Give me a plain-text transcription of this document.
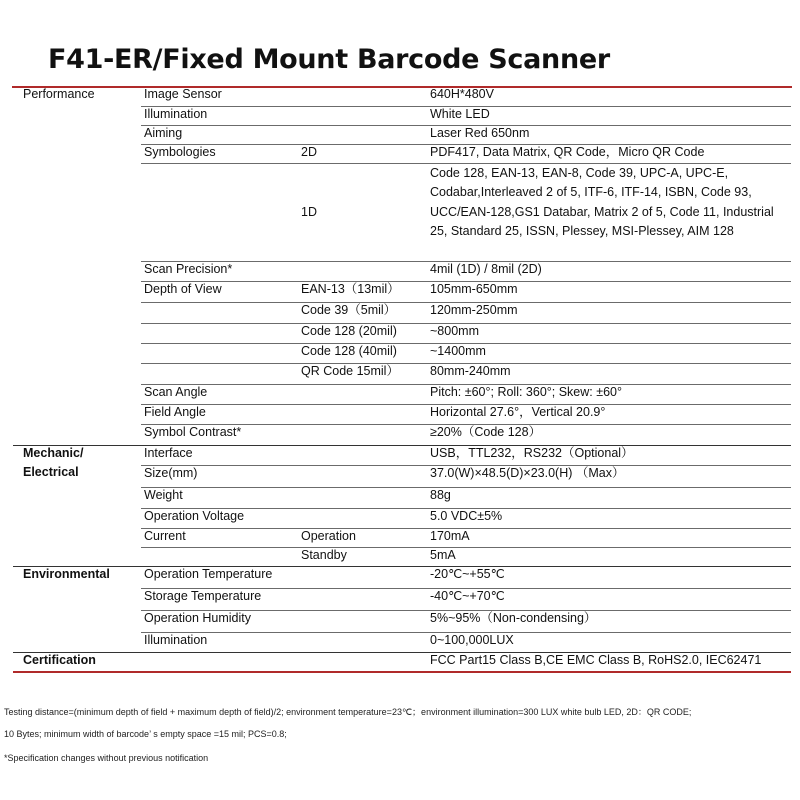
F41-ER/Fixed Mount Barcode Scanner
Performance	Image Sensor		640H*480V
	Illumination		White LED
	Aiming		Laser Red 650nm
	Symbologies	2D	PDF417, Data Matrix, QR Code，Micro QR Code
		1D	Code 128, EAN-13, EAN-8, Code 39, UPC-A, UPC-E, Codabar,Interleaved 2 of 5, ITF-6, ITF-14, ISBN, Code 93, UCC/EAN-128,GS1 Databar, Matrix 2 of 5, Code 11, Industrial 25, Standard 25, ISSN, Plessey, MSI-Plessey, AIM 128
	Scan Precision*		4mil (1D) / 8mil (2D)
	Depth of View	EAN-13（13mil）	105mm-650mm
		Code 39（5mil）	120mm-250mm
		Code 128 (20mil)	~800mm
		Code 128 (40mil)	~1400mm
		QR Code 15mil）	80mm-240mm
	Scan Angle		Pitch: ±60°; Roll: 360°; Skew: ±60°
	Field Angle		Horizontal 27.6°，Vertical 20.9°
	Symbol Contrast*		≥20%（Code 128）
Mechanic/
Electrical	Interface		USB，TTL232，RS232（Optional）
	Size(mm)		37.0(W)×48.5(D)×23.0(H) （Max）
	Weight		88g
	Operation Voltage		5.0 VDC±5%
	Current	Operation	170mA
		Standby	5mA
Environmental	Operation Temperature		-20℃~+55℃
	Storage Temperature		-40℃~+70℃
	Operation Humidity		5%~95%（Non-condensing）
	Illumination		0~100,000LUX
Certification			FCC Part15 Class B,CE EMC Class B, RoHS2.0, IEC62471
Testing distance=(minimum depth of field + maximum depth of field)/2; environment temperature=23℃；environment illumination=300 LUX white bulb LED, 2D：QR CODE;
10 Bytes; minimum width of barcode’ s empty space =15 mil; PCS=0.8;
*Specification changes without previous notification
